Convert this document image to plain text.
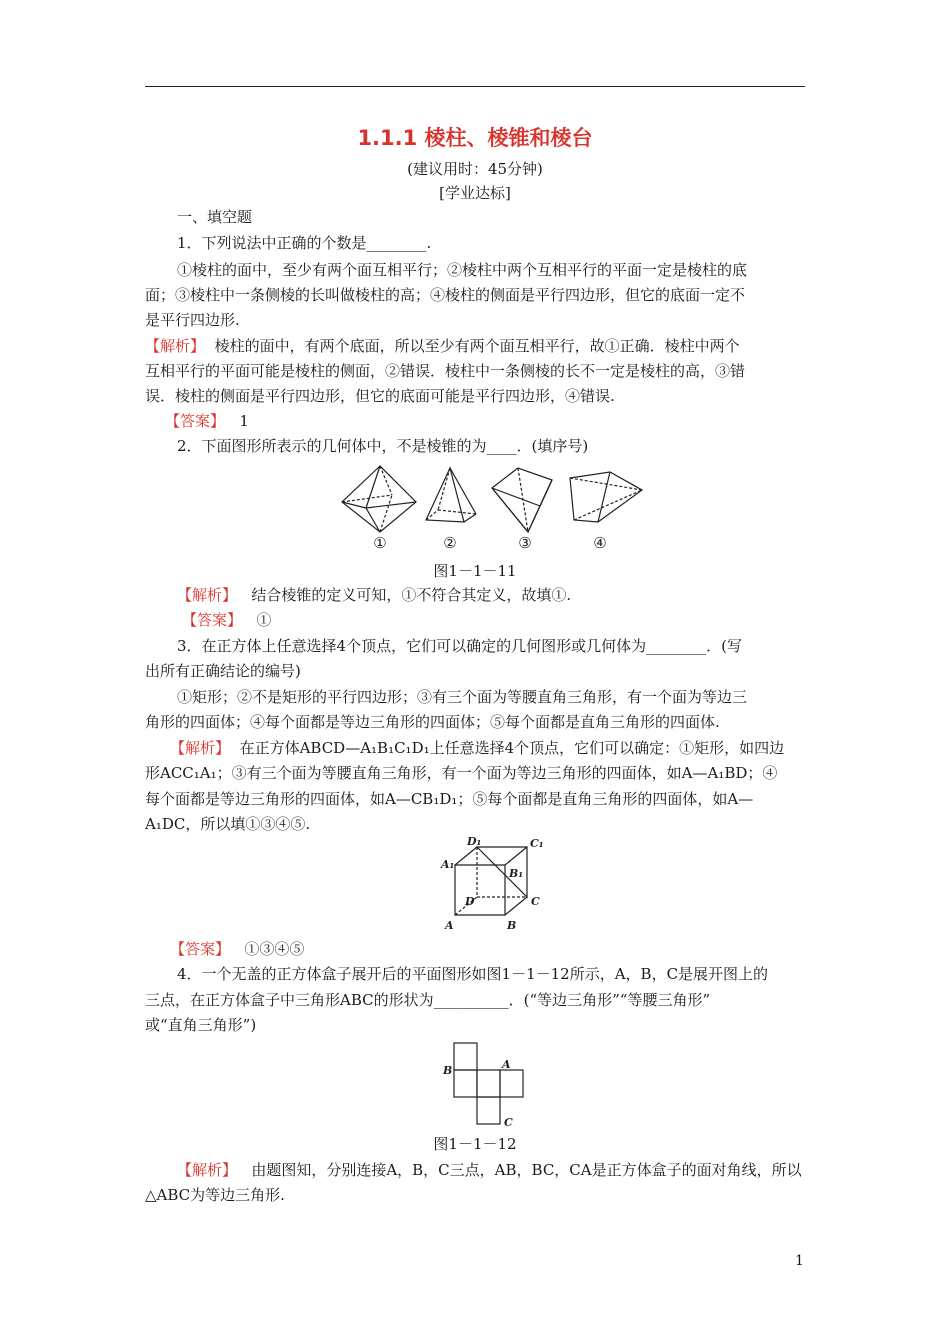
1.1.1 棱柱、棱锥和棱台
(建议用时：45分钟)
[学业达标]
一、填空题
1．下列说法中正确的个数是________.
①棱柱的面中，至少有两个面互相平行；②棱柱中两个互相平行的平面一定是棱柱的底
面；③棱柱中一条侧棱的长叫做棱柱的高；④棱柱的侧面是平行四边形，但它的底面一定不
是平行四边形.
【解析】 棱柱的面中，有两个底面，所以至少有两个面互相平行，故①正确．棱柱中两个
互相平行的平面可能是棱柱的侧面，②错误．棱柱中一条侧棱的长不一定是棱柱的高，③错
误．棱柱的侧面是平行四边形，但它的底面可能是平行四边形，④错误.
【答案】 1
2．下面图形所表示的几何体中，不是棱锥的为____．(填序号)
①	②	③	④
图1－1－11
【解析】 结合棱锥的定义可知，①不符合其定义，故填①.
【答案】 ①
3．在正方体上任意选择4个顶点，它们可以确定的几何图形或几何体为________．(写
出所有正确结论的编号)
①矩形；②不是矩形的平行四边形；③有三个面为等腰直角三角形，有一个面为等边三
角形的四面体；④每个面都是等边三角形的四面体；⑤每个面都是直角三角形的四面体.
【解析】 在正方体ABCD—A₁B₁C₁D₁上任意选择4个顶点，它们可以确定：①矩形，如四边
形ACC₁A₁；③有三个面为等腰直角三角形，有一个面为等边三角形的四面体，如A—A₁BD；④
每个面都是等边三角形的四面体，如A—CB₁D₁；⑤每个面都是直角三角形的四面体，如A—
A₁DC，所以填①③④⑤.
D₁	C₁
A₁
B₁
D	C
A	B
【答案】 ①③④⑤
4．一个无盖的正方体盒子展开后的平面图形如图1－1－12所示，A，B，C是展开图上的
三点，在正方体盒子中三角形ABC的形状为__________．(“等边三角形”“等腰三角形”
或“直角三角形”)
B	A
C
图1－1－12
【解析】 由题图知，分别连接A，B，C三点，AB，BC，CA是正方体盒子的面对角线，所以
△ABC为等边三角形.
1
